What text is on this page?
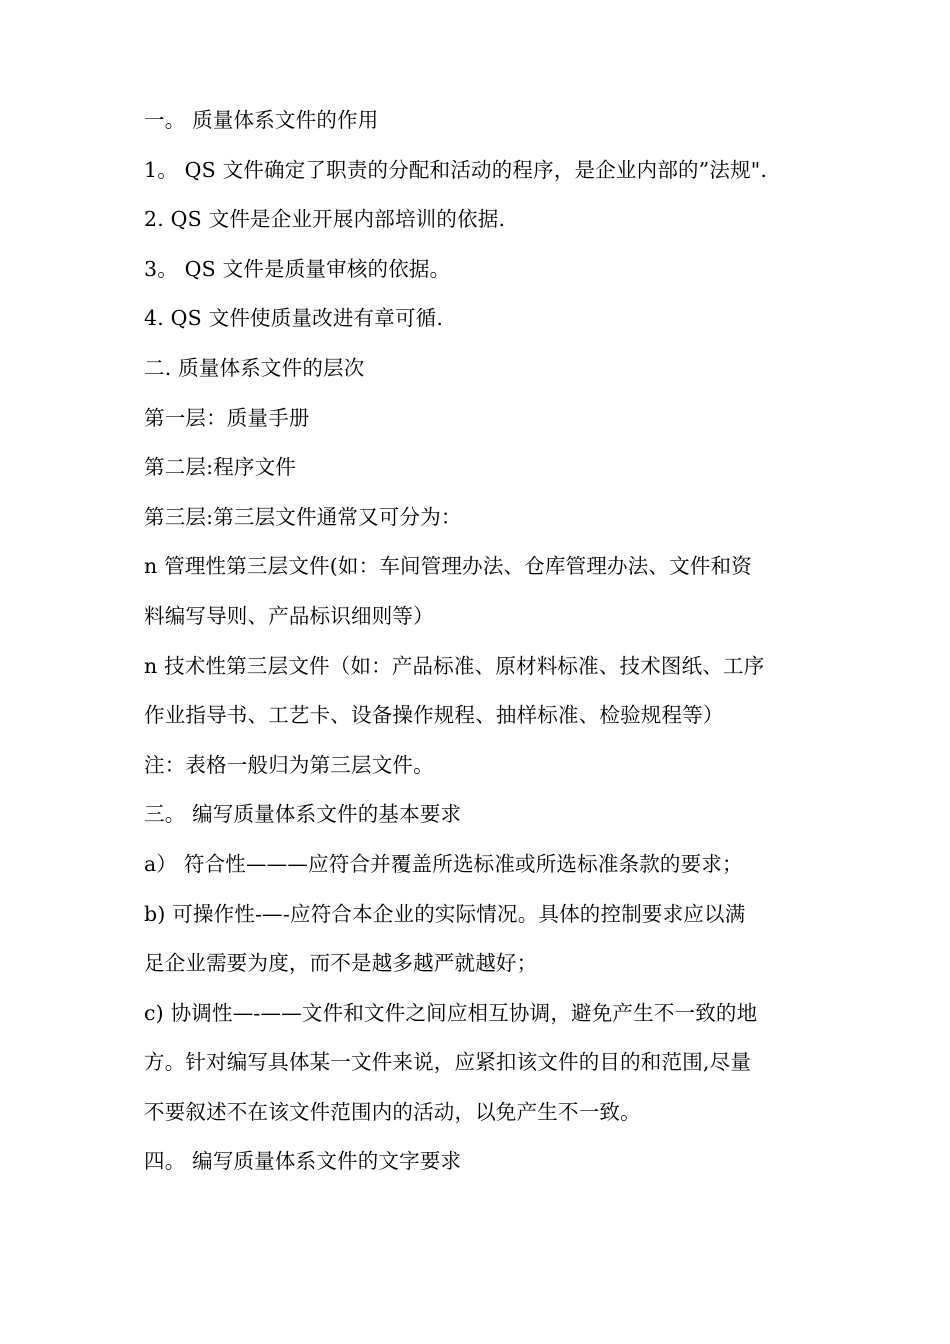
一。 质量体系文件的作用
1。 QS 文件确定了职责的分配和活动的程序，是企业内部的”法规".
2. QS 文件是企业开展内部培训的依据.
3。 QS 文件是质量审核的依据。
4. QS 文件使质量改进有章可循.
二. 质量体系文件的层次
第一层：质量手册
第二层:程序文件
第三层:第三层文件通常又可分为：
n 管理性第三层文件(如：车间管理办法、仓库管理办法、文件和资
料编写导则、产品标识细则等）
n 技术性第三层文件（如：产品标准、原材料标准、技术图纸、工序
作业指导书、工艺卡、设备操作规程、抽样标准、检验规程等）
注：表格一般归为第三层文件。
三。 编写质量体系文件的基本要求
a） 符合性———应符合并覆盖所选标准或所选标准条款的要求；
b) 可操作性-—-应符合本企业的实际情况。具体的控制要求应以满
足企业需要为度，而不是越多越严就越好；
c) 协调性—-——文件和文件之间应相互协调，避免产生不一致的地
方。针对编写具体某一文件来说，应紧扣该文件的目的和范围,尽量
不要叙述不在该文件范围内的活动，以免产生不一致。
四。 编写质量体系文件的文字要求
